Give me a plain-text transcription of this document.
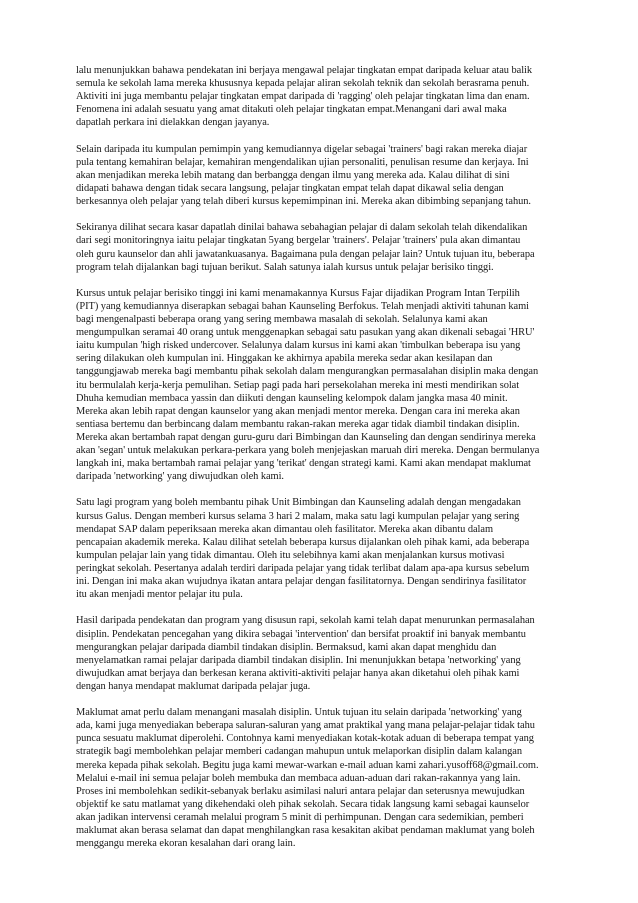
lalu menunjukkan bahawa pendekatan ini berjaya mengawal pelajar tingkatan empat daripada keluar atau balik
semula ke sekolah lama mereka khususnya kepada pelajar aliran sekolah teknik dan sekolah berasrama penuh.
Aktiviti ini juga membantu pelajar tingkatan empat daripada di 'ragging' oleh pelajar tingkatan lima dan enam.
Fenomena ini adalah sesuatu yang amat ditakuti oleh pelajar tingkatan empat.Menangani dari awal maka
dapatlah perkara ini dielakkan dengan jayanya.
Selain daripada itu kumpulan pemimpin yang kemudiannya digelar sebagai 'trainers' bagi rakan mereka diajar
pula tentang kemahiran belajar, kemahiran mengendalikan ujian personaliti, penulisan resume dan kerjaya. Ini
akan menjadikan mereka lebih matang dan berbangga dengan ilmu yang mereka ada. Kalau dilihat di sini
didapati bahawa dengan tidak secara langsung, pelajar tingkatan empat telah dapat dikawal selia dengan
berkesannya oleh pelajar yang telah diberi kursus kepemimpinan ini. Mereka akan dibimbing sepanjang tahun.
Sekiranya dilihat secara kasar dapatlah dinilai bahawa sebahagian pelajar di dalam sekolah telah dikendalikan
dari segi monitoringnya iaitu pelajar tingkatan 5yang bergelar 'trainers'. Pelajar 'trainers' pula akan dimantau
oleh guru kaunselor dan ahli jawatankuasanya. Bagaimana pula dengan pelajar lain? Untuk tujuan itu, beberapa
program telah dijalankan bagi tujuan berikut. Salah satunya ialah kursus untuk pelajar berisiko tinggi.
Kursus untuk pelajar berisiko tinggi ini kami menamakannya Kursus Fajar dijadikan Program Intan Terpilih
(PIT) yang kemudiannya diserapkan sebagai bahan Kaunseling Berfokus. Telah menjadi aktiviti tahunan kami
bagi mengenalpasti beberapa orang yang sering membawa masalah di sekolah. Selalunya kami akan
mengumpulkan seramai 40 orang untuk menggenapkan sebagai satu pasukan yang akan dikenali sebagai 'HRU'
iaitu kumpulan 'high risked undercover. Selalunya dalam kursus ini kami akan 'timbulkan beberapa isu yang
sering dilakukan oleh kumpulan ini. Hinggakan ke akhirnya apabila mereka sedar akan kesilapan dan
tanggungjawab mereka bagi membantu pihak sekolah dalam mengurangkan permasalahan disiplin maka dengan
itu bermulalah kerja-kerja pemulihan. Setiap pagi pada hari persekolahan mereka ini mesti mendirikan solat
Dhuha kemudian membaca yassin dan diikuti dengan kaunseling kelompok dalam jangka masa 40 minit.
Mereka akan lebih rapat dengan kaunselor yang akan menjadi mentor mereka. Dengan cara ini mereka akan
sentiasa bertemu dan berbincang dalam membantu rakan-rakan mereka agar tidak diambil tindakan disiplin.
Mereka akan bertambah rapat dengan guru-guru dari Bimbingan dan Kaunseling dan dengan sendirinya mereka
akan 'segan' untuk melakukan perkara-perkara yang boleh menjejaskan maruah diri mereka. Dengan bermulanya
langkah ini, maka bertambah ramai pelajar yang 'terikat' dengan strategi kami. Kami akan mendapat maklumat
daripada 'networking' yang diwujudkan oleh kami.
Satu lagi program yang boleh membantu pihak Unit Bimbingan dan Kaunseling adalah dengan mengadakan
kursus Galus. Dengan memberi kursus selama 3 hari 2 malam, maka satu lagi kumpulan pelajar yang sering
mendapat SAP dalam peperiksaan mereka akan dimantau oleh fasilitator. Mereka akan dibantu dalam
pencapaian akademik mereka. Kalau dilihat setelah beberapa kursus dijalankan oleh pihak kami, ada beberapa
kumpulan pelajar lain yang tidak dimantau. Oleh itu selebihnya kami akan menjalankan kursus motivasi
peringkat sekolah. Pesertanya adalah terdiri daripada pelajar yang tidak terlibat dalam apa-apa kursus sebelum
ini. Dengan ini maka akan wujudnya ikatan antara pelajar dengan fasilitatornya. Dengan sendirinya fasilitator
itu akan menjadi mentor pelajar itu pula.
Hasil daripada pendekatan dan program yang disusun rapi, sekolah kami telah dapat menurunkan permasalahan
disiplin. Pendekatan pencegahan yang dikira sebagai 'intervention' dan bersifat proaktif ini banyak membantu
mengurangkan pelajar daripada diambil tindakan disiplin. Bermaksud, kami akan dapat menghidu dan
menyelamatkan ramai pelajar daripada diambil tindakan disiplin. Ini menunjukkan betapa 'networking' yang
diwujudkan amat berjaya dan berkesan kerana aktiviti-aktiviti pelajar hanya akan diketahui oleh pihak kami
dengan hanya mendapat maklumat daripada pelajar juga.
Maklumat amat perlu dalam menangani masalah disiplin. Untuk tujuan itu selain daripada 'networking' yang
ada, kami juga menyediakan beberapa saluran-saluran yang amat praktikal yang mana pelajar-pelajar tidak tahu
punca sesuatu maklumat diperolehi. Contohnya kami menyediakan kotak-kotak aduan di beberapa tempat yang
strategik bagi membolehkan pelajar memberi cadangan mahupun untuk melaporkan disiplin dalam kalangan
mereka kepada pihak sekolah. Begitu juga kami mewar-warkan e-mail aduan kami zahari.yusoff68@gmail.com.
Melalui e-mail ini semua pelajar boleh membuka dan membaca aduan-aduan dari rakan-rakannya yang lain.
Proses ini membolehkan sedikit-sebanyak berlaku asimilasi naluri antara pelajar dan seterusnya mewujudkan
objektif ke satu matlamat yang dikehendaki oleh pihak sekolah. Secara tidak langsung kami sebagai kaunselor
akan jadikan intervensi ceramah melalui program 5 minit di perhimpunan. Dengan cara sedemikian, pemberi
maklumat akan berasa selamat dan dapat menghilangkan rasa kesakitan akibat pendaman maklumat yang boleh
menggangu mereka ekoran kesalahan dari orang lain.
